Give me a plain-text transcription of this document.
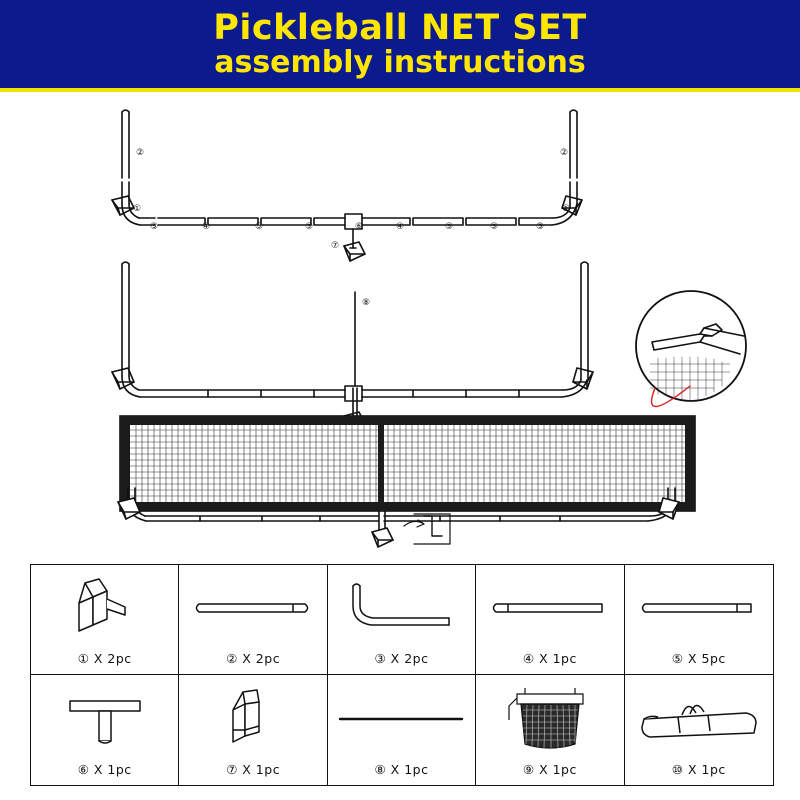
Pickleball NET SET
assembly instructions
②	②
③	③
④	④
⑤	⑤	⑥	⑤	⑤
①	①
⑦
⑧
① X 2pc	② X 2pc	③ X 2pc	④ X 1pc	⑤ X 5pc
⑥ X 1pc	⑦ X 1pc	⑧ X 1pc	⑨ X 1pc	⑩ X 1pc
